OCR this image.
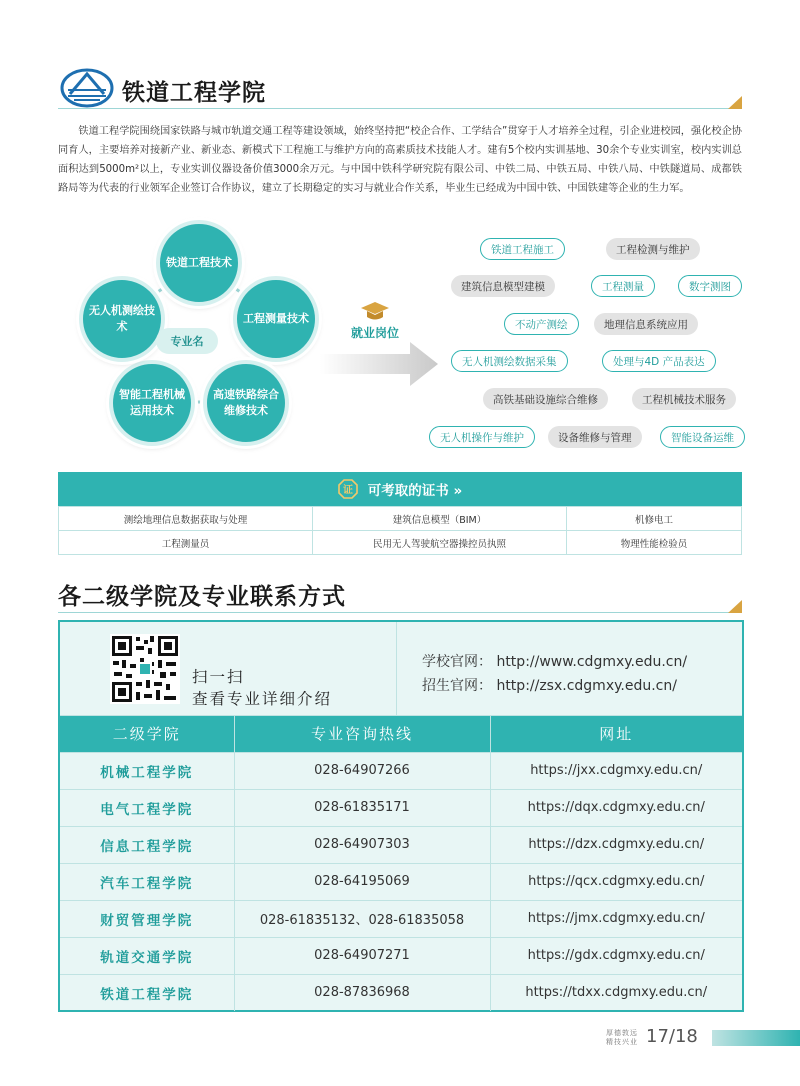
铁道工程学院

铁道工程学院围绕国家铁路与城市轨道交通工程等建设领域，始终坚持把“校企合作、工学结合”贯穿于人才培养全过程，引企业进校园，强化校企协同育人，主要培养对接新产业、新业态、新模式下工程施工与维护方向的高素质技术技能人才。建有5个校内实训基地、30余个专业实训室，校内实训总面积达到5000m²以上，专业实训仪器设备价值3000余万元。与中国中铁科学研究院有限公司、中铁二局、中铁五局、中铁八局、中铁隧道局、成都铁路局等为代表的行业领军企业签订合作协议，建立了长期稳定的实习与就业合作关系，毕业生已经成为中国中铁、中国铁建等企业的生力军。

铁道工程技术
工程测量技术
高速铁路综合维修技术
智能工程机械运用技术
无人机测绘技术
专业名
就业岗位
铁道工程施工	工程检测与维护
建筑信息模型建模	工程测量	数字测图
不动产测绘	地理信息系统应用
无人机测绘数据采集	处理与4D 产品表达
高铁基础设施综合维修	工程机械技术服务
无人机操作与维护	设备维修与管理	智能设备运维
证 可考取的证书 »
测绘地理信息数据获取与处理	建筑信息模型（BIM）	机修电工
工程测量员	民用无人驾驶航空器操控员执照	物理性能检验员
各二级学院及专业联系方式
扫一扫
查看专业详细介绍
学校官网： http://www.cdgmxy.edu.cn/
招生官网： http://zsx.cdgmxy.edu.cn/
二级学院	专业咨询热线	网址
机械工程学院	028-64907266	https://jxx.cdgmxy.edu.cn/
电气工程学院	028-61835171	https://dqx.cdgmxy.edu.cn/
信息工程学院	028-64907303	https://dzx.cdgmxy.edu.cn/
汽车工程学院	028-64195069	https://qcx.cdgmxy.edu.cn/
财贸管理学院	028-61835132、028-61835058	https://jmx.cdgmxy.edu.cn/
轨道交通学院	028-64907271	https://gdx.cdgmxy.edu.cn/
铁道工程学院	028-87836968	https://tdxx.cdgmxy.edu.cn/
厚德敦远
精技兴业 17/18
